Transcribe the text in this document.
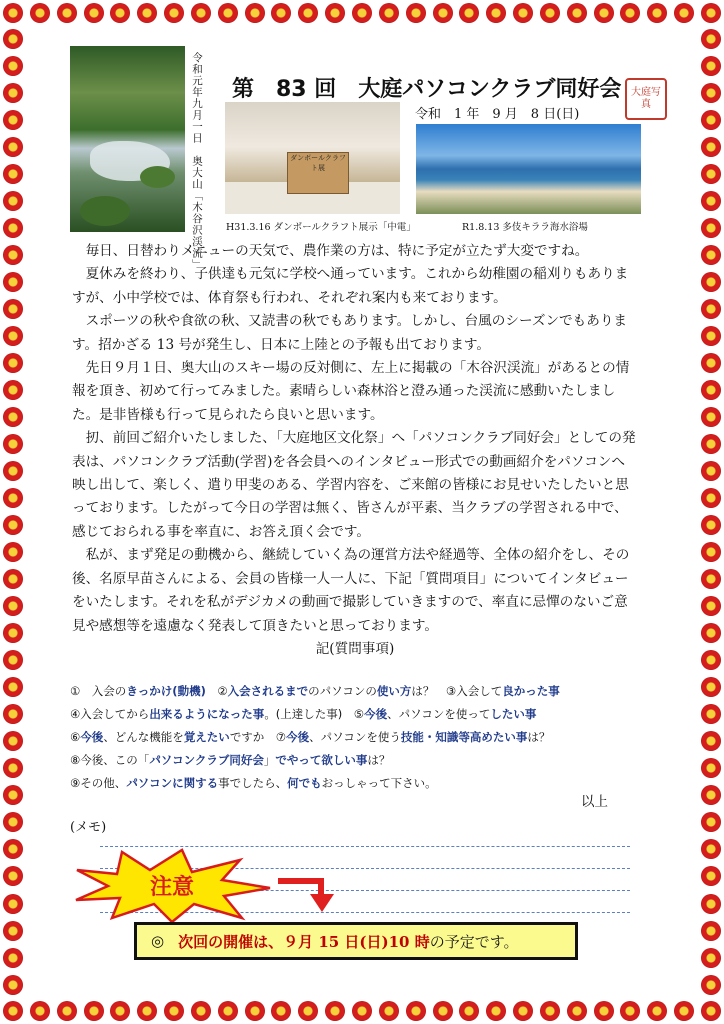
令和元年九月一日　奥大山「木谷沢渓流」 第　83 回　大庭パソコンクラブ同好会 大庭写真
令和　1 年　9 月　8 日(日)
ダンボールクラフト展
H31.3.16 ダンボールクラフト展示「中電」	R1.8.13 多伎キララ海水浴場

毎日、日替わりメニューの天気で、農作業の方は、特に予定が立たず大変ですね。

夏休みを終わり、子供達も元気に学校へ通っています。これから幼稚園の稲刈りもありますが、小中学校では、体育祭も行われ、それぞれ案内も来ております。

スポーツの秋や食欲の秋、又読書の秋でもあります。しかし、台風のシーズンでもあります。招かざる 13 号が発生し、日本に上陸との予報も出ております。

先日９月１日、奥大山のスキー場の反対側に、左上に掲載の「木谷沢渓流」があるとの情報を頂き、初めて行ってみました。素晴らしい森林浴と澄み通った渓流に感動いたしました。是非皆様も行って見られたら良いと思います。

扨、前回ご紹介いたしました、「大庭地区文化祭」へ「パソコンクラブ同好会」としての発表は、パソコンクラブ活動(学習)を各会員へのインタビュー形式での動画紹介をパソコンへ映し出して、楽しく、遣り甲斐のある、学習内容を、ご来館の皆様にお見せいたしたいと思っております。したがって今日の学習は無く、皆さんが平素、当クラブの学習される中で、感じておられる事を率直に、お答え頂く会です。

私が、まず発足の動機から、継続していく為の運営方法や経過等、全体の紹介をし、その後、名原早苗さんによる、会員の皆様一人一人に、下記「質問項目」についてインタビューをいたします。それを私がデジカメの動画で撮影していきますので、率直に忌憚のないご意見や感想等を遠慮なく発表して頂きたいと思っております。

記(質問事項)
①　入会のきっかけ(動機)　②入会されるまでのパソコンの使い方は？　③入会して良かった事
④入会してから出来るようになった事。(上達した事)　⑤今後、パソコンを使ってしたい事
⑥今後、どんな機能を覚えたいですか　⑦今後、パソコンを使う技能・知識等高めたい事は？
⑧今後、この「パソコンクラブ同好会」でやって欲しい事は？
⑨その他、パソコンに関する事でしたら、何でもおっしゃって下さい。
以上
(メモ)
注意
◎ 次回の開催は、９月 15 日(日)10 時 の予定です。
